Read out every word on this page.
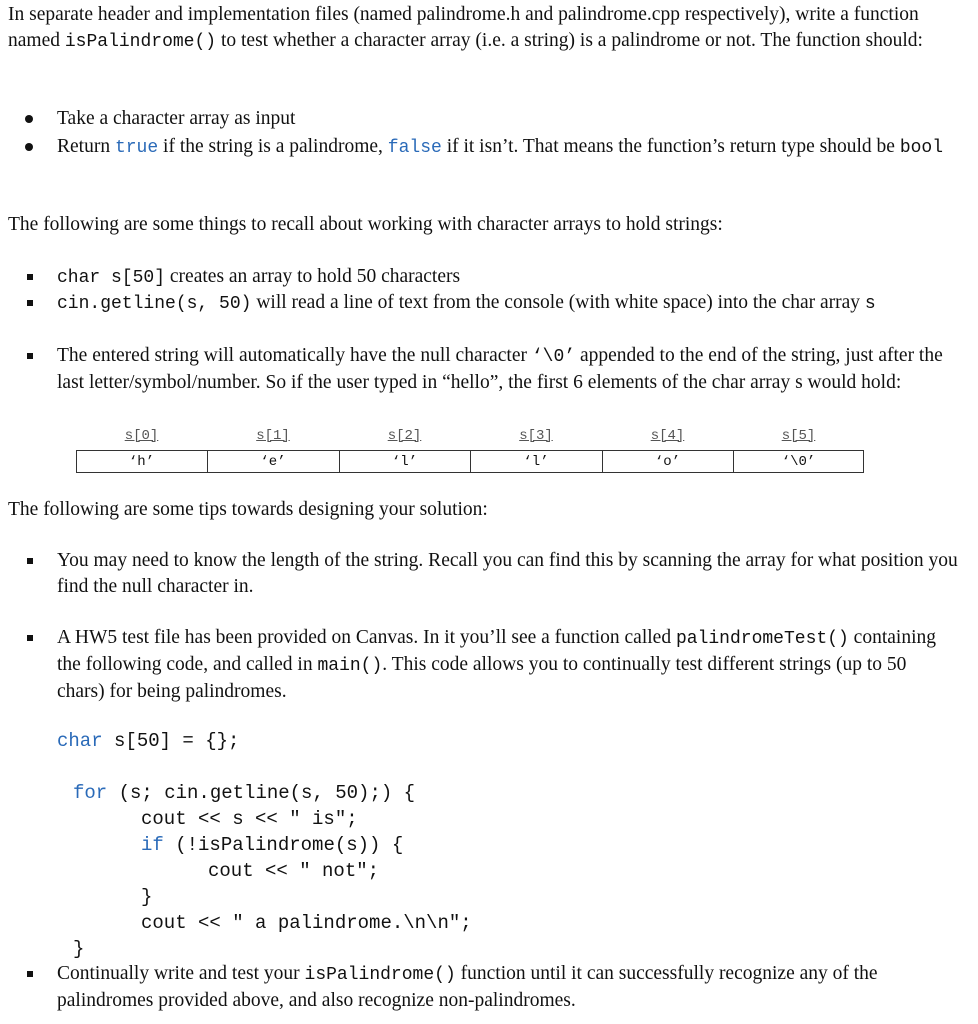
In separate header and implementation files (named palindrome.h and palindrome.cpp respectively), write a function named isPalindrome() to test whether a character array (i.e. a string) is a palindrome or not. The function should:

Take a character array as input

Return true if the string is a palindrome, false if it isn’t. That means the function’s return type should be bool

The following are some things to recall about working with character arrays to hold strings:

char s[50] creates an array to hold 50 characters

cin.getline(s, 50) will read a line of text from the console (with white space) into the char array s

The entered string will automatically have the null character ‘\0’ appended to the end of the string, just after the last letter/symbol/number. So if the user typed in “hello”, the first 6 elements of the char array s would hold:

s[0]	s[1]	s[2]	s[3]	s[4]	s[5]
‘h’	‘e’	‘l’	‘l’	‘o’	‘\0’

The following are some tips towards designing your solution:

You may need to know the length of the string. Recall you can find this by scanning the array for what position you find the null character in.

A HW5 test file has been provided on Canvas. In it you’ll see a function called palindromeTest() containing the following code, and called in main(). This code allows you to continually test different strings (up to 50 chars) for being palindromes.

char s[50] = {};
for (s; cin.getline(s, 50);) {
cout << s << " is";
if (!isPalindrome(s)) {
cout << " not";
}
cout << " a palindrome.\n\n";
}

Continually write and test your isPalindrome() function until it can successfully recognize any of the palindromes provided above, and also recognize non-palindromes.
